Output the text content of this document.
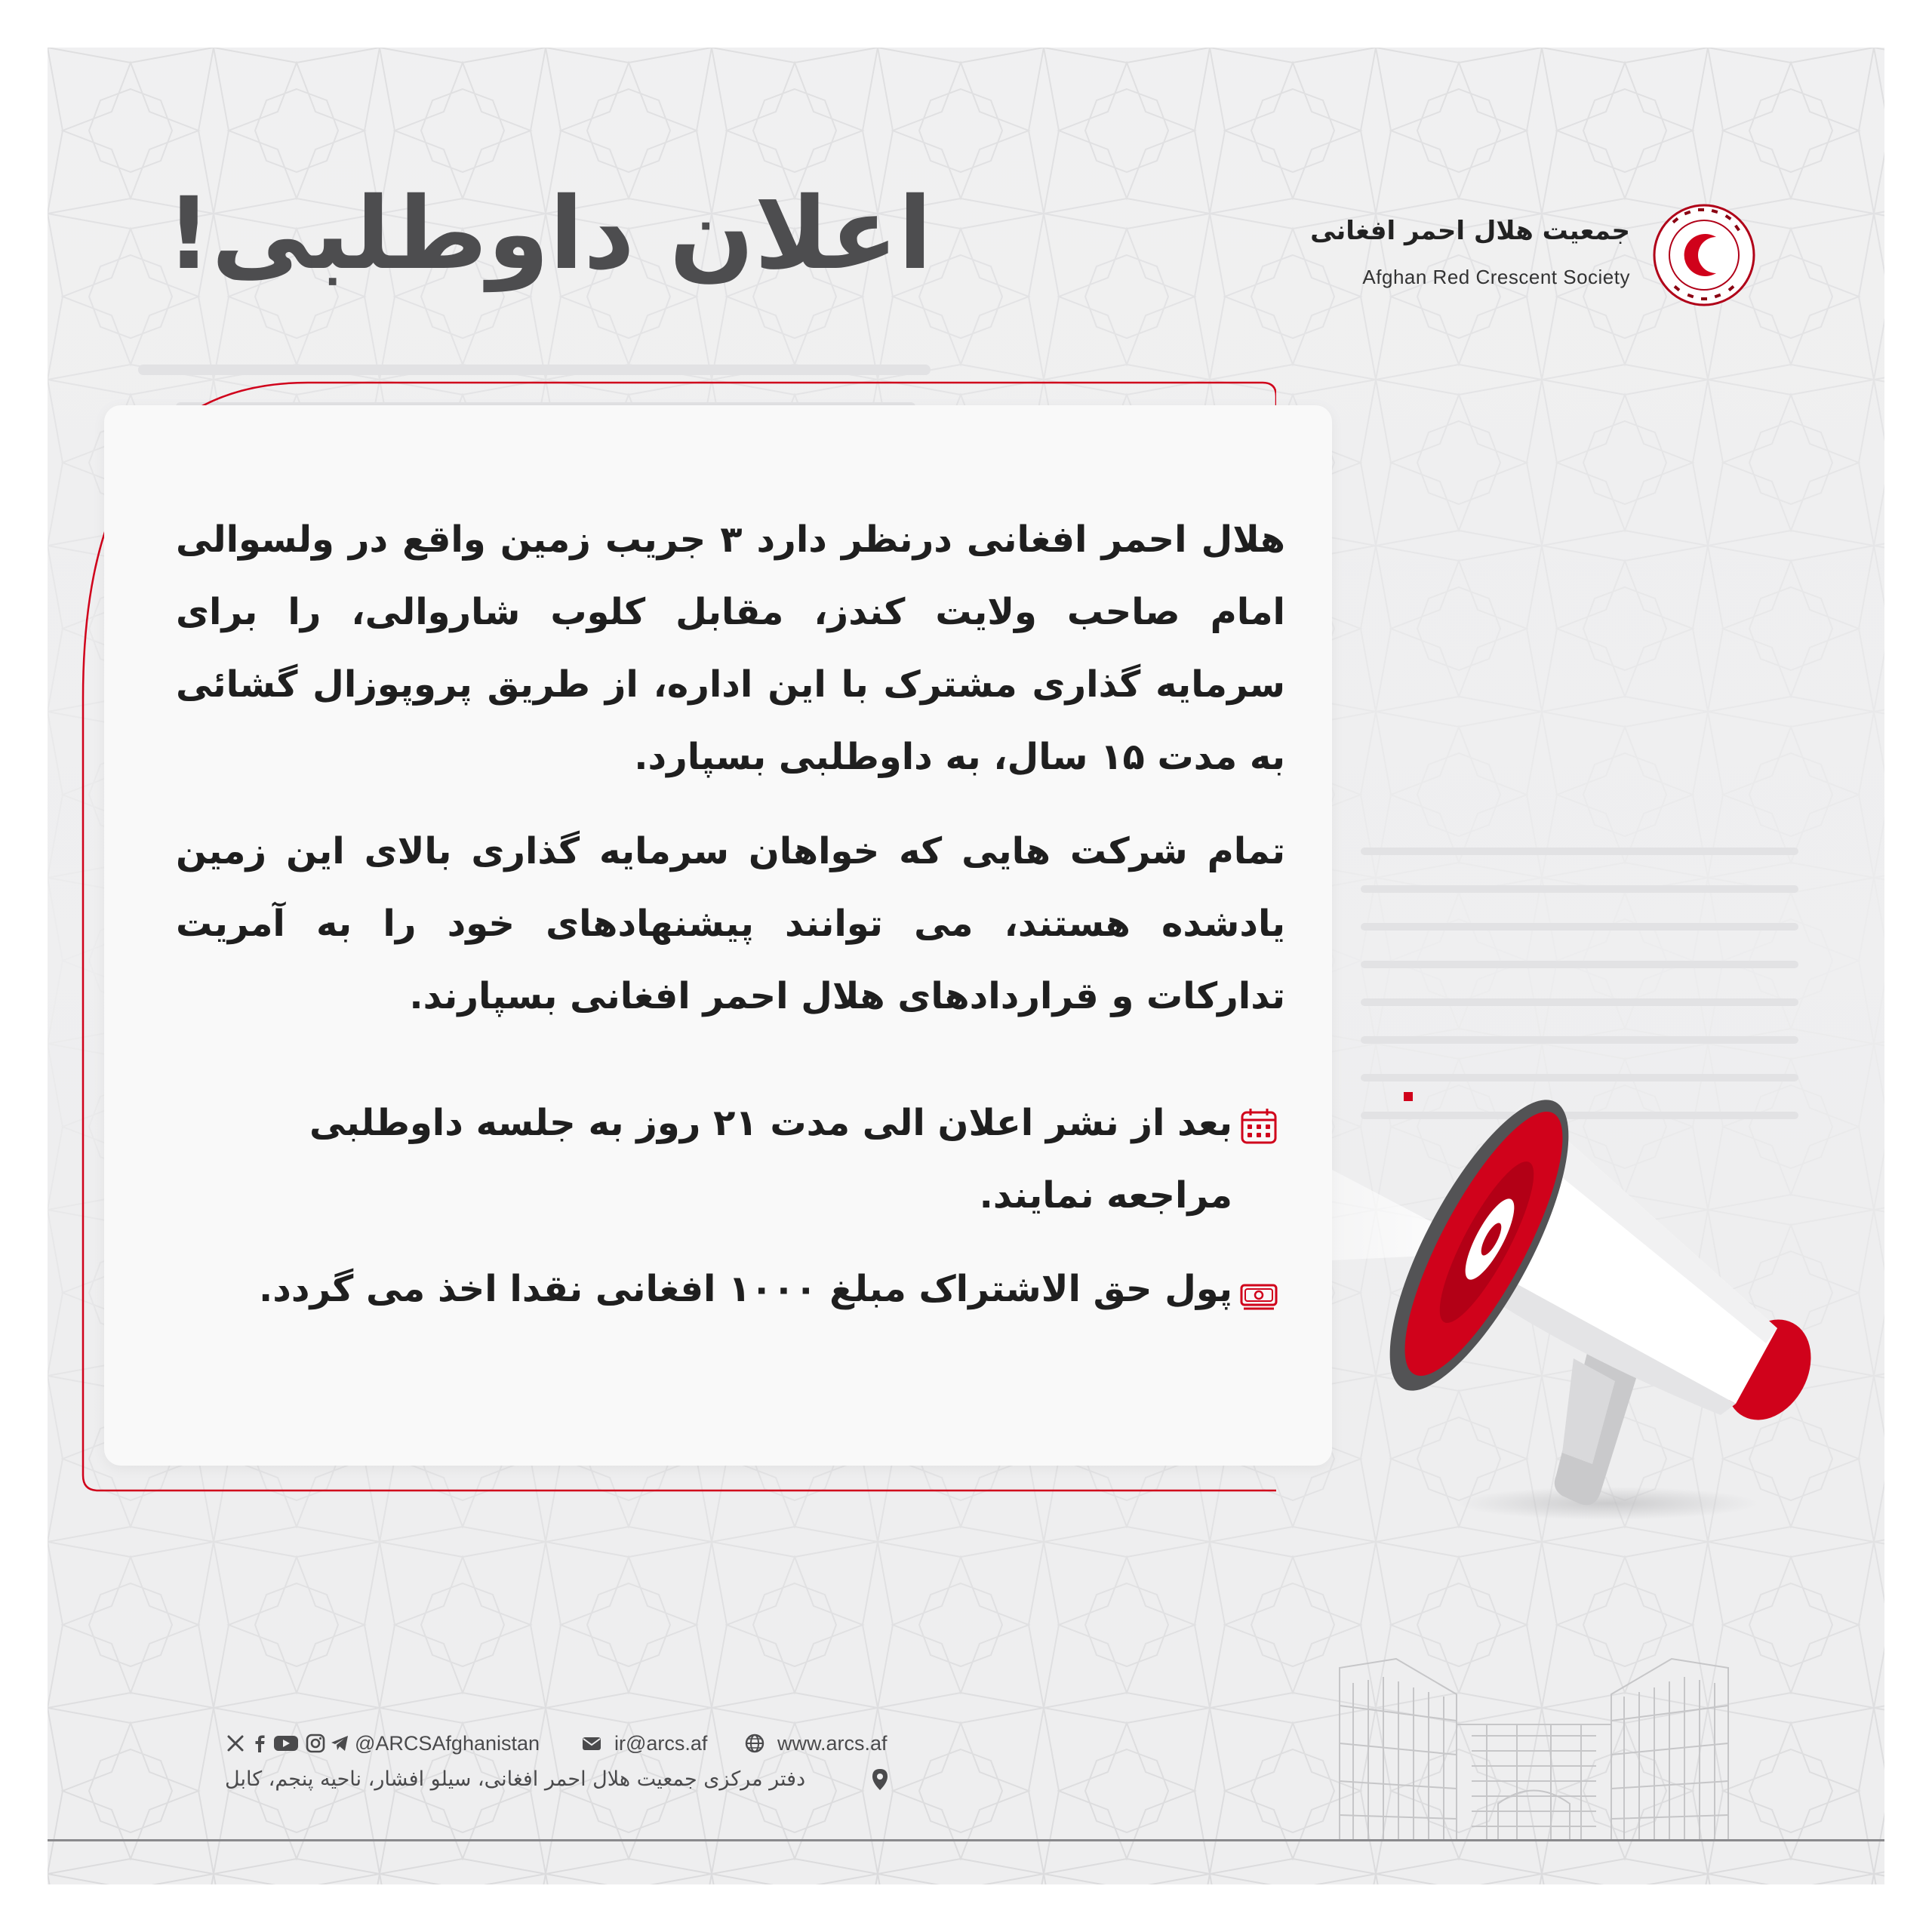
اعلان داوطلبی!	جمعیت هلال احمر افغانی
Afghan Red Crescent Society
هلال احمر افغانی درنظر دارد ۳ جریب زمین واقع در ولسوالی امام صاحب ولایت کندز، مقابل کلوب شاروالی، را برای سرمایه گذاری مشترک با این اداره، از طریق پروپوزال گشائی به مدت ۱۵ سال، به داوطلبی بسپارد.
تمام شرکت هایی که خواهان سرمایه گذاری بالای این زمین یادشده هستند، می توانند پیشنهادهای خود را به آمریت تدارکات و قراردادهای هلال احمر افغانی بسپارند.
بعد از نشر اعلان الی مدت ۲۱ روز به جلسه داوطلبی مراجعه نمایند.
پول حق الاشتراک مبلغ ۱۰۰۰ افغانی نقدا اخذ می گردد.
@ARCSAfghanistan	ir@arcs.af	www.arcs.af
دفتر مرکزی جمعیت هلال احمر افغانی، سیلو افشار، ناحیه پنجم، کابل
